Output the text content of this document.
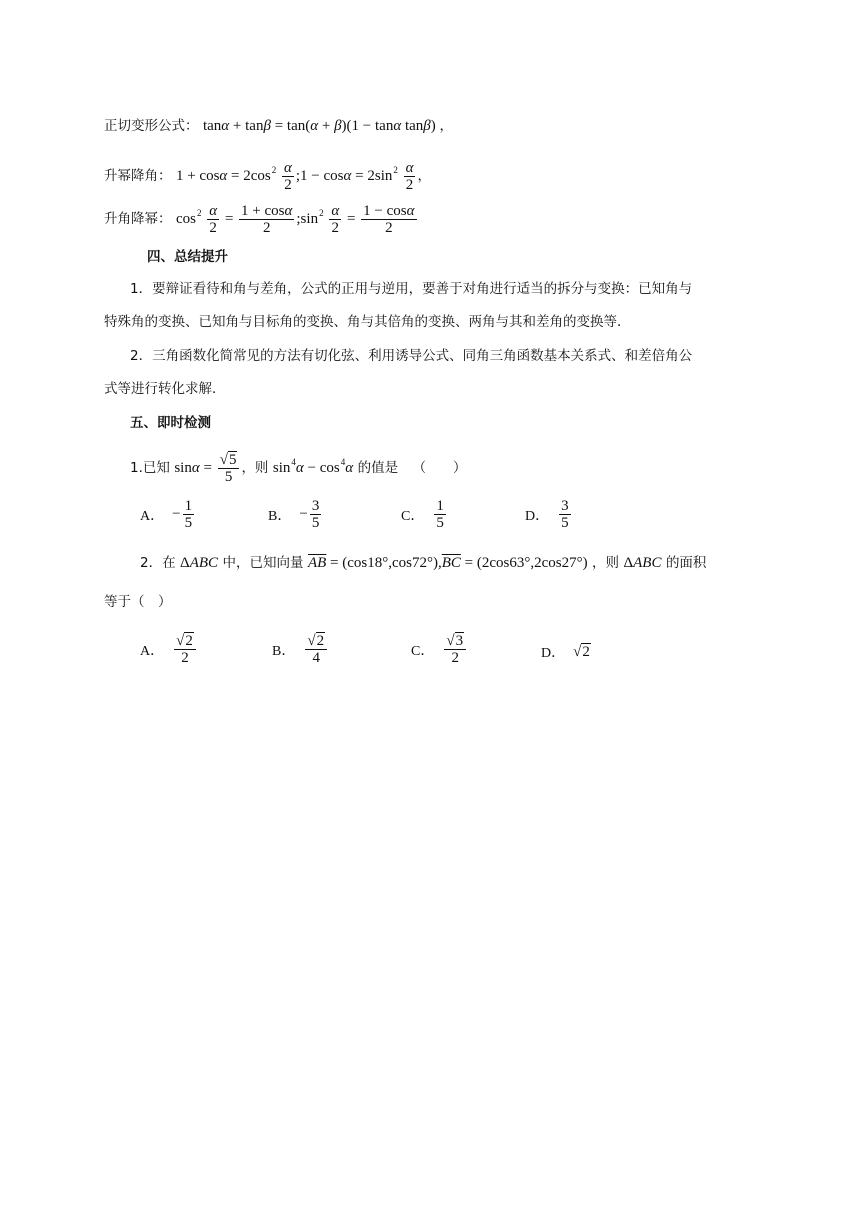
正切变形公式： tanα + tanβ = tan(α + β)(1 − tanα tanβ) ，
升幂降角： $1 + \cos\alpha = 2\cos^2 \frac{\alpha}{2}$ ;1 − $\cos\alpha = 2\sin^2 \frac{\alpha}{2}$ ，
升角降幂： $\cos^2 \frac{\alpha}{2} = \frac{1 + \cos\alpha}{2}$ $;\sin^2 \frac{\alpha}{2} = \frac{1 - \cos\alpha}{2}$
四、总结提升
1．要辩证看待和角与差角，公式的正用与逆用，要善于对角进行适当的拆分与变换：已知角与
特殊角的变换、已知角与目标角的变换、角与其倍角的变换、两角与其和差角的变换等．
2．三角函数化简常见的方法有切化弦、利用诱导公式、同角三角函数基本关系式、和差倍角公
式等进行转化求解．
五、即时检测
1.已知 $\sin\alpha = \frac{√5}{5}$ ，则 $\sin^4\alpha - \cos^4\alpha$ 的值是 （　　）
A． − $\frac{1}{5}$	B． − $\frac{3}{5}$	C． $\frac{1}{5}$	D． $\frac{3}{5}$
2．在 ΔABC 中，已知向量 $\overline{AB} = (\cos 18^\circ,\cos 72^\circ),\overline{BC} = (2\cos 63^\circ,2\cos 27^\circ)$ ，则 ΔABC 的面积
等于（　）
A． $\frac{√2}{2}$	B． $\frac{√2}{4}$	C． $\frac{√3}{2}$	D． √2
